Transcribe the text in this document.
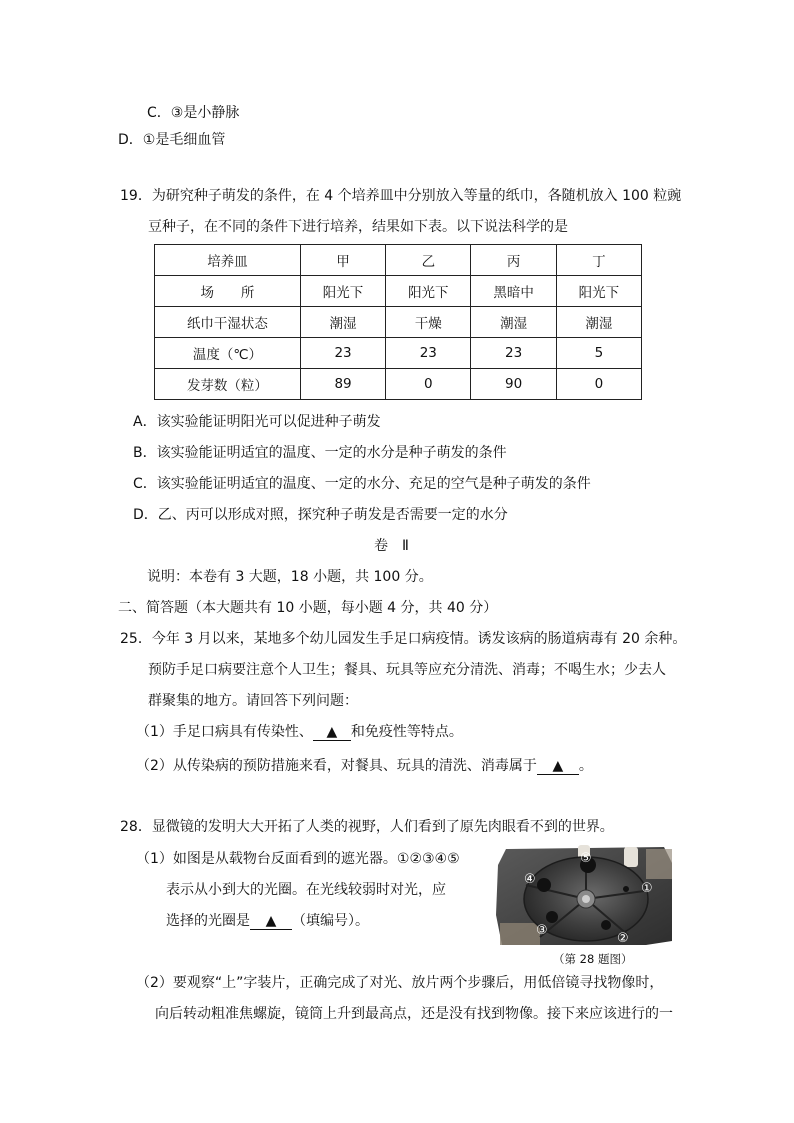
C．③是小静脉
D．①是毛细血管
19．为研究种子萌发的条件，在 4 个培养皿中分别放入等量的纸巾，各随机放入 100 粒豌
豆种子，在不同的条件下进行培养，结果如下表。以下说法科学的是
培养皿	甲	乙	丙	丁
场　　所	阳光下	阳光下	黑暗中	阳光下
纸巾干湿状态	潮湿	干燥	潮湿	潮湿
温度（℃）	23	23	23	5
发芽数（粒）	89	0	90	0
A．该实验能证明阳光可以促进种子萌发
B．该实验能证明适宜的温度、一定的水分是种子萌发的条件
C．该实验能证明适宜的温度、一定的水分、充足的空气是种子萌发的条件
D．乙、丙可以形成对照，探究种子萌发是否需要一定的水分
卷　Ⅱ
说明：本卷有 3 大题，18 小题，共 100 分。
二、简答题（本大题共有 10 小题，每小题 4 分，共 40 分）
25．今年 3 月以来，某地多个幼儿园发生手足口病疫情。诱发该病的肠道病毒有 20 余种。
预防手足口病要注意个人卫生；餐具、玩具等应充分清洗、消毒；不喝生水；少去人
群聚集的地方。请回答下列问题：
（1）手足口病具有传染性、 ▲ 和免疫性等特点。
（2）从传染病的预防措施来看，对餐具、玩具的清洗、消毒属于 ▲ 。
28．显微镜的发明大大开拓了人类的视野，人们看到了原先肉眼看不到的世界。
（1）如图是从载物台反面看到的遮光器。①②③④⑤
表示从小到大的光圈。在光线较弱时对光，应
选择的光圈是 ▲ （填编号）。
①
②
③
④
⑤
（第 28 题图）
（2）要观察“上”字装片，正确完成了对光、放片两个步骤后，用低倍镜寻找物像时，
向后转动粗准焦螺旋，镜筒上升到最高点，还是没有找到物像。接下来应该进行的一
